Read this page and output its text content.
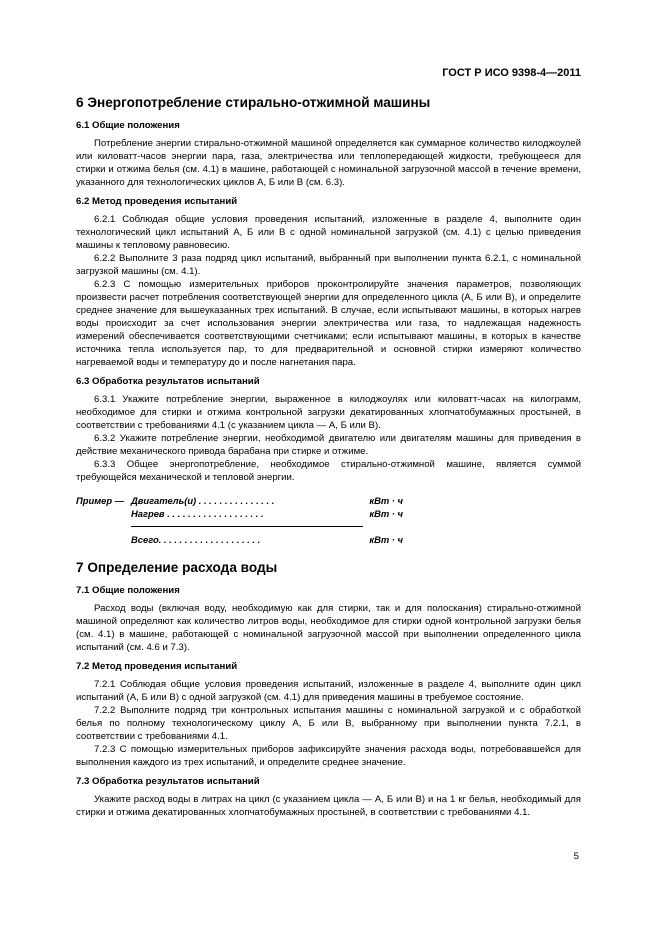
ГОСТ Р ИСО 9398-4—2011

6 Энергопотребление стирально-отжимной машины
6.1 Общие положения

Потребление энергии стирально-отжимной машиной определяется как суммарное количество килоджоулей или киловатт-часов энергии пара, газа, электричества или теплопередающей жидкости, требующееся для стирки и отжима белья (см. 4.1) в машине, работающей с номинальной загрузочной массой в течение времени, указанного для технологических циклов А, Б или В (см. 6.3).

6.2 Метод проведения испытаний

6.2.1 Соблюдая общие условия проведения испытаний, изложенные в разделе 4, выполните один технологический цикл испытаний А, Б или В с одной номинальной загрузкой (см. 4.1) с целью приведения машины к тепловому равновесию.

6.2.2 Выполните 3 раза подряд цикл испытаний, выбранный при выполнении пункта 6.2.1, с номинальной загрузкой машины (см. 4.1).

6.2.3 С помощью измерительных приборов проконтролируйте значения параметров, позволяющих произвести расчет потребления соответствующей энергии для определенного цикла (А, Б или В), и определите среднее значение для вышеуказанных трех испытаний. В случае, если испытывают машины, в которых нагрев воды происходит за счет использования энергии электричества или газа, то надлежащая надежность измерений обеспечивается соответствующими счетчиками; если испытывают машины, в которых в качестве источника тепла используется пар, то для предварительной и основной стирки измеряют количество нагреваемой воды и температуру до и после нагнетания пара.

6.3 Обработка результатов испытаний

6.3.1 Укажите потребление энергии, выраженное в килоджоулях или киловатт-часах на килограмм, необходимое для стирки и отжима контрольной загрузки декатированных хлопчатобумажных простыней, в соответствии с требованиями 4.1 (с указанием цикла — А, Б или В).

6.3.2 Укажите потребление энергии, необходимой двигателю или двигателям машины для приведения в действие механического привода барабана при стирке и отжиме.

6.3.3 Общее энергопотребление, необходимое стирально-отжимной машине, является суммой требующейся механической и тепловой энергии.

Пример — Двигатель(и) . . . . . . . . . . . . . . .	кВт · ч
Нагрев . . . . . . . . . . . . . . . . . . .	кВт · ч
Всего. . . . . . . . . . . . . . . . . . . .	кВт · ч
7 Определение расхода воды
7.1 Общие положения

Расход воды (включая воду, необходимую как для стирки, так и для полоскания) стирально-отжимной машиной определяют как количество литров воды, необходимое для стирки одной контрольной загрузки белья (см. 4.1) в машине, работающей с номинальной загрузочной массой при выполнении определенного цикла испытаний (см. 4.6 и 7.3).

7.2 Метод проведения испытаний

7.2.1 Соблюдая общие условия проведения испытаний, изложенные в разделе 4, выполните один цикл испытаний (А, Б или В) с одной загрузкой (см. 4.1) для приведения машины в требуемое состояние.

7.2.2 Выполните подряд три контрольных испытания машины с номинальной загрузкой и с обработкой белья по полному технологическому циклу А, Б или В, выбранному при выполнении пункта 7.2.1, в соответствии с требованиями 4.1.

7.2.3 С помощью измерительных приборов зафиксируйте значения расхода воды, потребовавшейся для выполнения каждого из трех испытаний, и определите среднее значение.

7.3 Обработка результатов испытаний

Укажите расход воды в литрах на цикл (с указанием цикла — А, Б или В) и на 1 кг белья, необходимый для стирки и отжима декатированных хлопчатобумажных простыней, в соответствии с требованиями 4.1.

5
